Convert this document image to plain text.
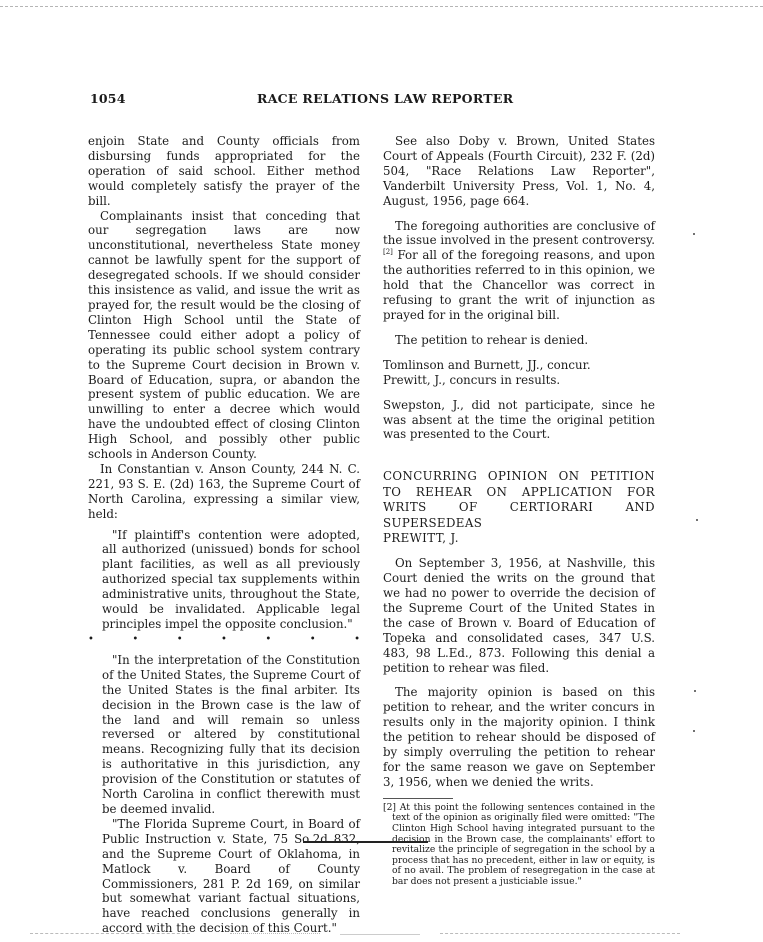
1054	RACE RELATIONS LAW REPORTER

enjoin State and County officials from disbursing funds appropriated for the operation of said school. Either method would completely satisfy the prayer of the bill.

Complainants insist that conceding that our segregation laws are now unconstitutional, nevertheless State money cannot be lawfully spent for the support of desegregated schools. If we should consider this insistence as valid, and issue the writ as prayed for, the result would be the closing of Clinton High School until the State of Tennessee could either adopt a policy of operating its public school system contrary to the Supreme Court decision in Brown v. Board of Education, supra, or abandon the present system of public education. We are unwilling to enter a decree which would have the undoubted effect of closing Clinton High School, and possibly other public schools in Anderson County.

In Constantian v. Anson County, 244 N. C. 221, 93 S. E. (2d) 163, the Supreme Court of North Carolina, expressing a similar view, held:

"If plaintiff's contention were adopted, all authorized (unissued) bonds for school plant facilities, as well as all previously authorized special tax supplements within administrative units, throughout the State, would be invalidated. Applicable legal principles impel the opposite conclusion."

•	•	•	•	•	•	•

"In the interpretation of the Constitution of the United States, the Supreme Court of the United States is the final arbiter. Its decision in the Brown case is the law of the land and will remain so unless reversed or altered by constitutional means. Recognizing fully that its decision is authoritative in this jurisdiction, any provision of the Constitution or statutes of North Carolina in conflict therewith must be deemed invalid.

"The Florida Supreme Court, in Board of Public Instruction v. State, 75 So.2d 832, and the Supreme Court of Oklahoma, in Matlock v. Board of County Commissioners, 281 P. 2d 169, on similar but somewhat variant factual situations, have reached conclusions generally in accord with the decision of this Court."

See also Doby v. Brown, United States Court of Appeals (Fourth Circuit), 232 F. (2d) 504, "Race Relations Law Reporter", Vanderbilt University Press, Vol. 1, No. 4, August, 1956, page 664.

The foregoing authorities are conclusive of the issue involved in the present controversy.[2] For all of the foregoing reasons, and upon the authorities referred to in this opinion, we hold that the Chancellor was correct in refusing to grant the writ of injunction as prayed for in the original bill.

The petition to rehear is denied.

Tomlinson and Burnett, JJ., concur.

Prewitt, J., concurs in results.

Swepston, J., did not participate, since he was absent at the time the original petition was presented to the Court.

CONCURRING OPINION ON PETITION TO REHEAR ON APPLICATION FOR WRITS OF CERTIORARI AND SUPERSEDEAS

PREWITT, J.

On September 3, 1956, at Nashville, this Court denied the writs on the ground that we had no power to override the decision of the Supreme Court of the United States in the case of Brown v. Board of Education of Topeka and consolidated cases, 347 U.S. 483, 98 L.Ed., 873. Following this denial a petition to rehear was filed.

The majority opinion is based on this petition to rehear, and the writer concurs in results only in the majority opinion. I think the petition to rehear should be disposed of by simply overruling the petition to rehear for the same reason we gave on September 3, 1956, when we denied the writs.

[2] At this point the following sentences contained in the text of the opinion as originally filed were omitted: "The Clinton High School having integrated pursuant to the decision in the Brown case, the complainants' effort to revitalize the principle of segregation in the school by a process that has no precedent, either in law or equity, is of no avail. The problem of resegregation in the case at bar does not present a justiciable issue."
